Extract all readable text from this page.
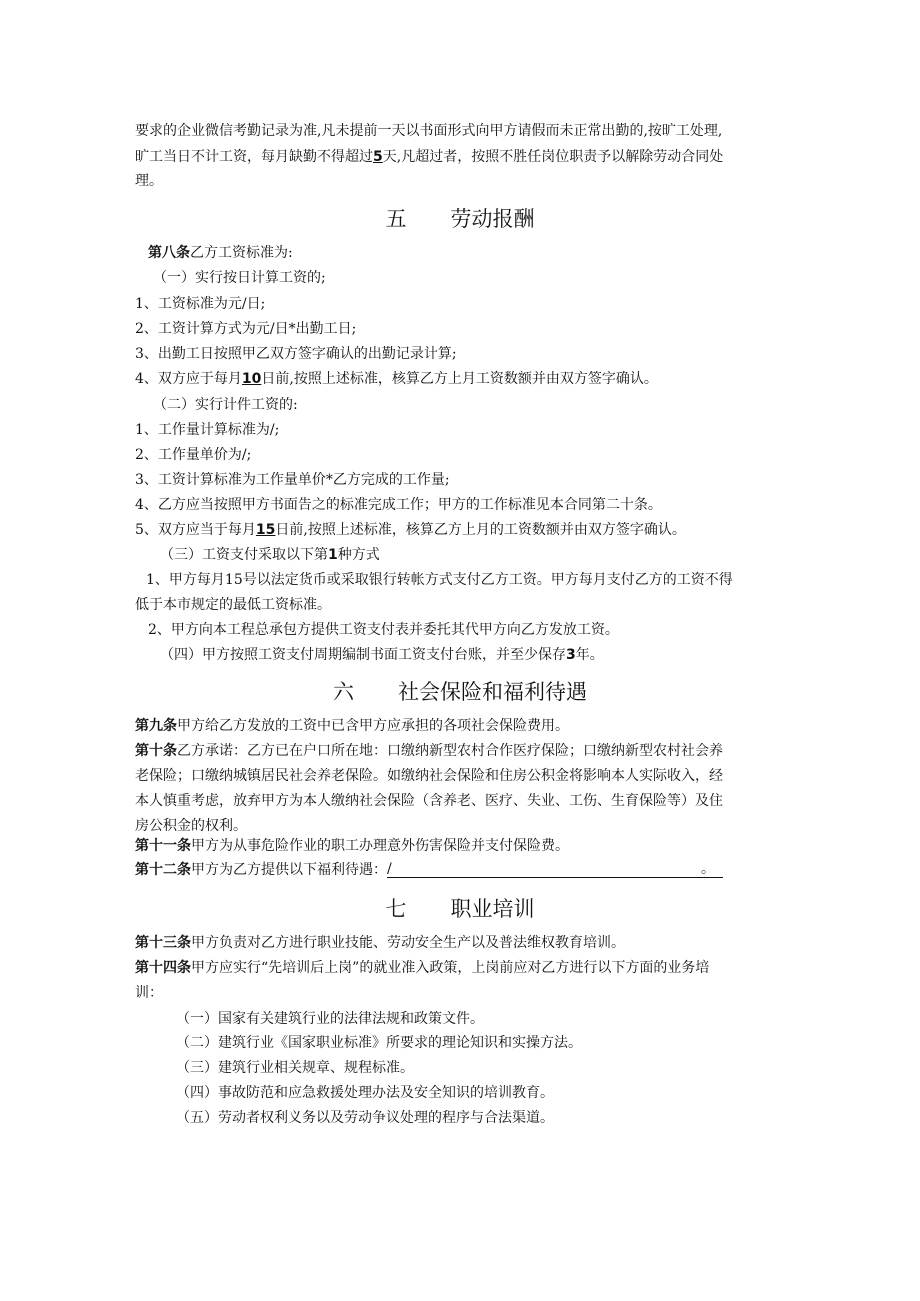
要求的企业微信考勤记录为准,凡未提前一天以书面形式向甲方请假而未正常出勤的,按旷工处理,
旷工当日不计工资，每月缺勤不得超过5天,凡超过者，按照不胜任岗位职责予以解除劳动合同处
理。
五 劳动报酬
第八条乙方工资标准为:
（一）实行按日计算工资的;
1、工资标准为元/日;
2、工资计算方式为元/日*出勤工日;
3、出勤工日按照甲乙双方签字确认的出勤记录计算;
4、双方应于每月10日前,按照上述标准，核算乙方上月工资数额并由双方签字确认。
（二）实行计件工资的:
1、工作量计算标准为/;
2、工作量单价为/;
3、工资计算标准为工作量单价*乙方完成的工作量;
4、乙方应当按照甲方书面告之的标准完成工作；甲方的工作标准见本合同第二十条。
5、双方应当于每月15日前,按照上述标准，核算乙方上月的工资数额并由双方签字确认。
（三）工资支付采取以下第1种方式
1、甲方每月15号以法定货币或采取银行转帐方式支付乙方工资。甲方每月支付乙方的工资不得
低于本市规定的最低工资标准。
2、甲方向本工程总承包方提供工资支付表并委托其代甲方向乙方发放工资。
（四）甲方按照工资支付周期编制书面工资支付台账，并至少保存3年。
六 社会保险和福利待遇
第九条甲方给乙方发放的工资中已含甲方应承担的各项社会保险费用。
第十条乙方承诺：乙方已在户口所在地：口缴纳新型农村合作医疗保险；口缴纳新型农村社会养
老保险；口缴纳城镇居民社会养老保险。如缴纳社会保险和住房公积金将影响本人实际收入，经
本人慎重考虑，放弃甲方为本人缴纳社会保险（含养老、医疗、失业、工伤、生育保险等）及住
房公积金的权利。
第十一条甲方为从事危险作业的职工办理意外伤害保险并支付保险费。
第十二条甲方为乙方提供以下福利待遇： /	。
七 职业培训
第十三条甲方负责对乙方进行职业技能、劳动安全生产以及普法维权教育培训。
第十四条甲方应实行“先培训后上岗”的就业准入政策，上岗前应对乙方进行以下方面的业务培
训：
（一）国家有关建筑行业的法律法规和政策文件。
（二）建筑行业《国家职业标准》所要求的理论知识和实操方法。
（三）建筑行业相关规章、规程标准。
（四）事故防范和应急救援处理办法及安全知识的培训教育。
（五）劳动者权利义务以及劳动争议处理的程序与合法渠道。
